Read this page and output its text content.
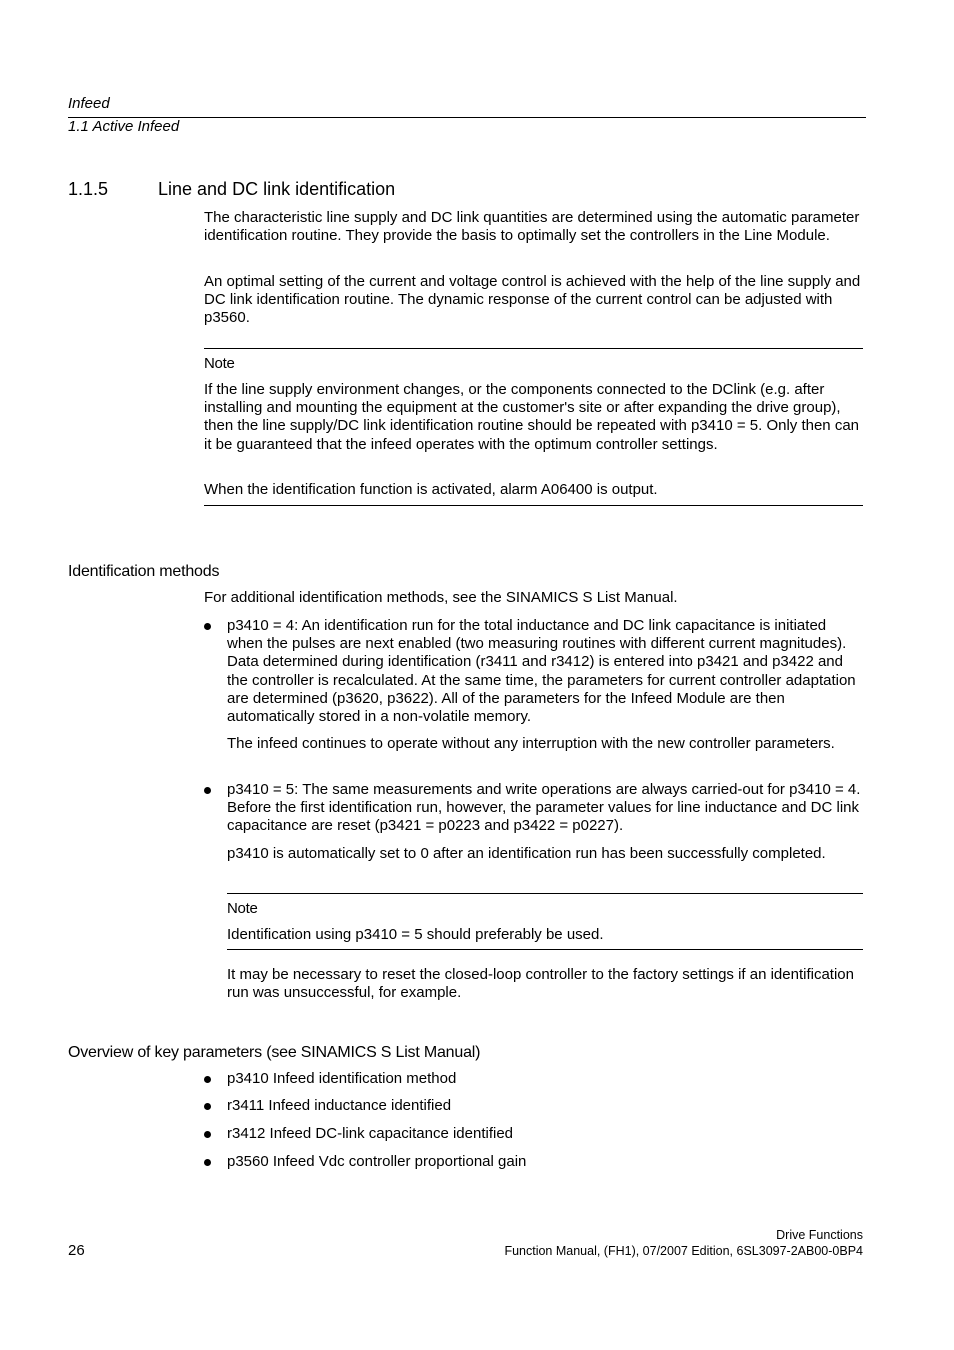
Infeed
1.1 Active Infeed
1.1.5	Line and DC link identification
The characteristic line supply and DC link quantities are determined using the automatic parameter identification routine. They provide the basis to optimally set the controllers in the Line Module.
An optimal setting of the current and voltage control is achieved with the help of the line supply and DC link identification routine. The dynamic response of the current control can be adjusted with p3560.
Note
If the line supply environment changes, or the components connected to the DClink (e.g. after installing and mounting the equipment at the customer's site or after expanding the drive group), then the line supply/DC link identification routine should be repeated with p3410 = 5. Only then can it be guaranteed that the infeed operates with the optimum controller settings.
When the identification function is activated, alarm A06400 is output.
Identification methods
For additional identification methods, see the SINAMICS S List Manual.
p3410 = 4: An identification run for the total inductance and DC link capacitance is initiated when the pulses are next enabled (two measuring routines with different current magnitudes). Data determined during identification (r3411 and r3412) is entered into p3421 and p3422 and the controller is recalculated. At the same time, the parameters for current controller adaptation are determined (p3620, p3622). All of the parameters for the Infeed Module are then automatically stored in a non-volatile memory.
The infeed continues to operate without any interruption with the new controller parameters.
p3410 = 5: The same measurements and write operations are always carried-out for p3410 = 4. Before the first identification run, however, the parameter values for line inductance and DC link capacitance are reset (p3421 = p0223 and p3422 = p0227).
p3410 is automatically set to 0 after an identification run has been successfully completed.
Note
Identification using p3410 = 5 should preferably be used.
It may be necessary to reset the closed-loop controller to the factory settings if an identification run was unsuccessful, for example.
Overview of key parameters (see SINAMICS S List Manual)
p3410 Infeed identification method
r3411 Infeed inductance identified
r3412 Infeed DC-link capacitance identified
p3560 Infeed Vdc controller proportional gain
26
Drive Functions
Function Manual, (FH1), 07/2007 Edition, 6SL3097-2AB00-0BP4
